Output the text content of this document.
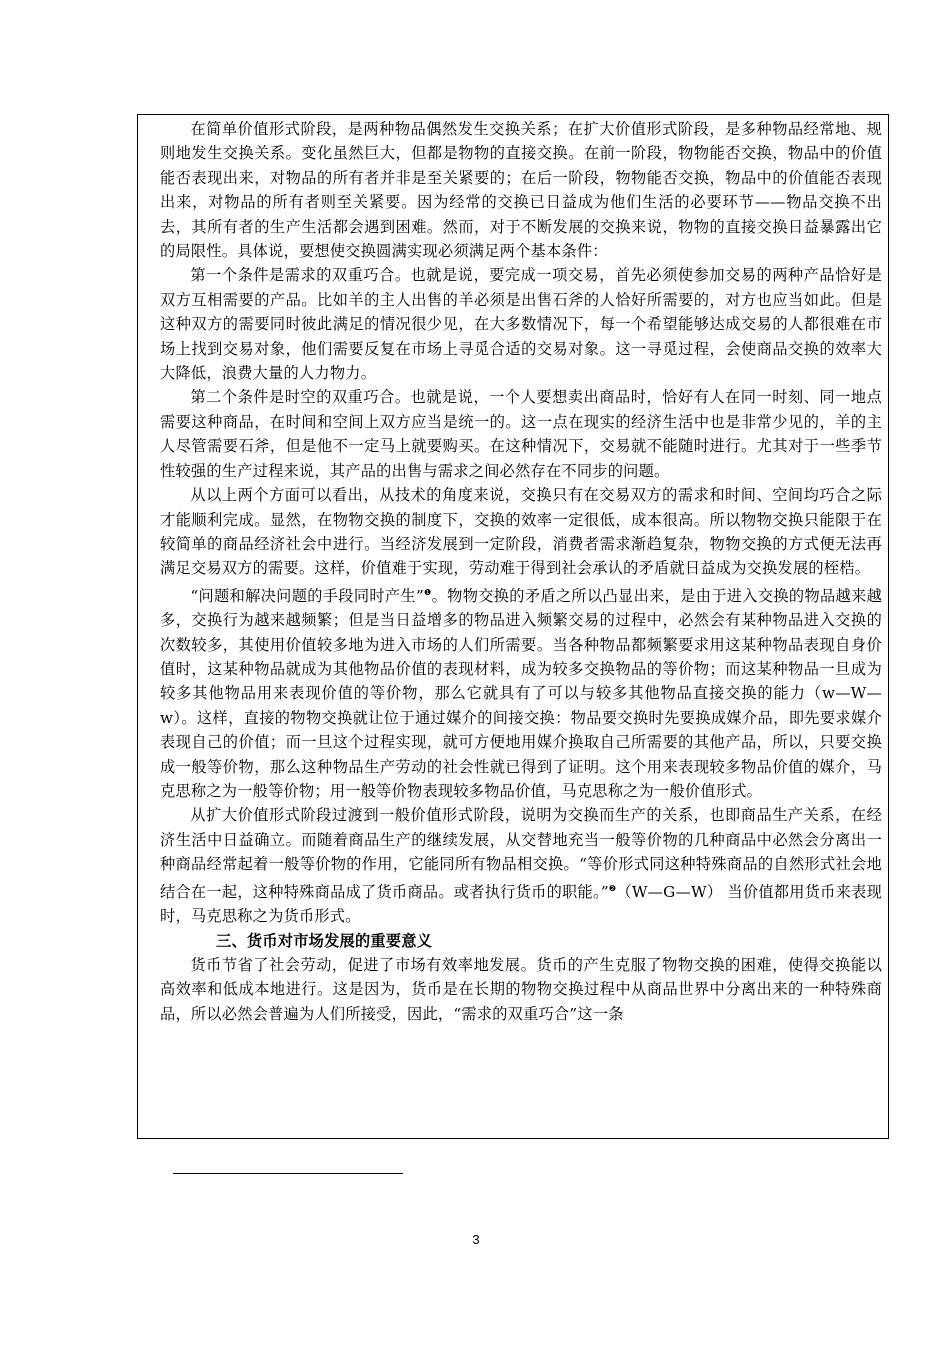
在简单价值形式阶段，是两种物品偶然发生交换关系；在扩大价值形式阶段，是多种物品经常地、规则地发生交换关系。变化虽然巨大，但都是物物的直接交换。在前一阶段，物物能否交换，物品中的价值能否表现出来，对物品的所有者并非是至关紧要的；在后一阶段，物物能否交换，物品中的价值能否表现出来，对物品的所有者则至关紧要。因为经常的交换已日益成为他们生活的必要环节——物品交换不出去，其所有者的生产生活都会遇到困难。然而，对于不断发展的交换来说，物物的直接交换日益暴露出它的局限性。具体说，要想使交换圆满实现必须满足两个基本条件：

第一个条件是需求的双重巧合。也就是说，要完成一项交易，首先必须使参加交易的两种产品恰好是双方互相需要的产品。比如羊的主人出售的羊必须是出售石斧的人恰好所需要的，对方也应当如此。但是这种双方的需要同时彼此满足的情况很少见，在大多数情况下，每一个希望能够达成交易的人都很难在市场上找到交易对象，他们需要反复在市场上寻觅合适的交易对象。这一寻觅过程，会使商品交换的效率大大降低，浪费大量的人力物力。

第二个条件是时空的双重巧合。也就是说，一个人要想卖出商品时，恰好有人在同一时刻、同一地点需要这种商品，在时间和空间上双方应当是统一的。这一点在现实的经济生活中也是非常少见的，羊的主人尽管需要石斧，但是他不一定马上就要购买。在这种情况下，交易就不能随时进行。尤其对于一些季节性较强的生产过程来说，其产品的出售与需求之间必然存在不同步的问题。

从以上两个方面可以看出，从技术的角度来说，交换只有在交易双方的需求和时间、空间均巧合之际才能顺利完成。显然，在物物交换的制度下，交换的效率一定很低，成本很高。所以物物交换只能限于在较简单的商品经济社会中进行。当经济发展到一定阶段，消费者需求渐趋复杂，物物交换的方式便无法再满足交易双方的需要。这样，价值难于实现，劳动难于得到社会承认的矛盾就日益成为交换发展的桎梏。

“问题和解决问题的手段同时产生”$^❶$。物物交换的矛盾之所以凸显出来，是由于进入交换的物品越来越多，交换行为越来越频繁；但是当日益增多的物品进入频繁交易的过程中，必然会有某种物品进入交换的次数较多，其使用价值较多地为进入市场的人们所需要。当各种物品都频繁要求用这某种物品表现自身价值时，这某种物品就成为其他物品价值的表现材料，成为较多交换物品的等价物；而这某种物品一旦成为较多其他物品用来表现价值的等价物，那么它就具有了可以与较多其他物品直接交换的能力（w—W—w）。这样，直接的物物交换就让位于通过媒介的间接交换：物品要交换时先要换成媒介品，即先要求媒介表现自己的价值；而一旦这个过程实现，就可方便地用媒介换取自己所需要的其他产品，所以，只要交换成一般等价物，那么这种物品生产劳动的社会性就已得到了证明。这个用来表现较多物品价值的媒介，马克思称之为一般等价物；用一般等价物表现较多物品价值，马克思称之为一般价值形式。

从扩大价值形式阶段过渡到一般价值形式阶段，说明为交换而生产的关系，也即商品生产关系，在经济生活中日益确立。而随着商品生产的继续发展，从交替地充当一般等价物的几种商品中必然会分离出一种商品经常起着一般等价物的作用，它能同所有物品相交换。“等价形式同这种特殊商品的自然形式社会地结合在一起，这种特殊商品成了货币商品。或者执行货币的职能。”$^❷$（W—G—W） 当价值都用货币来表现时，马克思称之为货币形式。

三、货币对市场发展的重要意义

货币节省了社会劳动，促进了市场有效率地发展。货币的产生克服了物物交换的困难，使得交换能以高效率和低成本地进行。这是因为，货币是在长期的物物交换过程中从商品世界中分离出来的一种特殊商品，所以必然会普遍为人们所接受，因此，“需求的双重巧合”这一条

3
